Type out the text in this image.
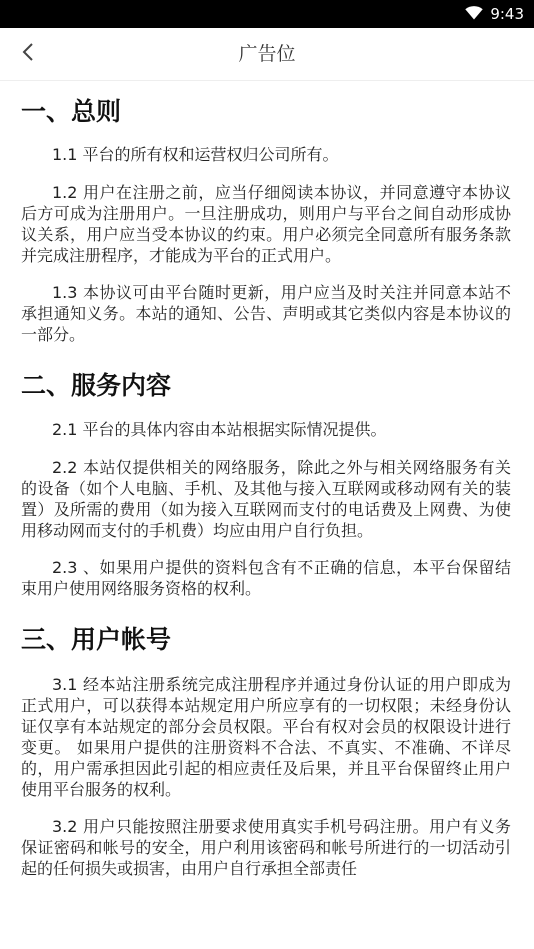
9:43
广告位
一、总则

1.1 平台的所有权和运营权归公司所有。

1.2 用户在注册之前，应当仔细阅读本协议，并同意遵守本协议后方可成为注册用户。一旦注册成功，则用户与平台之间自动形成协议关系，用户应当受本协议的约束。用户必须完全同意所有服务条款并完成注册程序，才能成为平台的正式用户。

1.3 本协议可由平台随时更新，用户应当及时关注并同意本站不承担通知义务。本站的通知、公告、声明或其它类似内容是本协议的一部分。

二、服务内容

2.1 平台的具体内容由本站根据实际情况提供。

2.2 本站仅提供相关的网络服务，除此之外与相关网络服务有关的设备（如个人电脑、手机、及其他与接入互联网或移动网有关的装置）及所需的费用（如为接入互联网而支付的电话费及上网费、为使用移动网而支付的手机费）均应由用户自行负担。

2.3 、如果用户提供的资料包含有不正确的信息，本平台保留结束用户使用网络服务资格的权利。

三、用户帐号

3.1 经本站注册系统完成注册程序并通过身份认证的用户即成为正式用户，可以获得本站规定用户所应享有的一切权限；未经身份认证仅享有本站规定的部分会员权限。平台有权对会员的权限设计进行变更。 如果用户提供的注册资料不合法、不真实、不准确、不详尽的，用户需承担因此引起的相应责任及后果，并且平台保留终止用户使用平台服务的权利。

3.2 用户只能按照注册要求使用真实手机号码注册。用户有义务保证密码和帐号的安全，用户利用该密码和帐号所进行的一切活动引起的任何损失或损害，由用户自行承担全部责任
